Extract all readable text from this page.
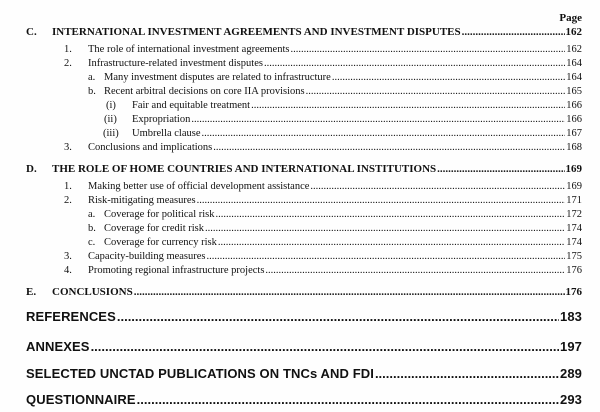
Page
C. INTERNATIONAL INVESTMENT AGREEMENTS AND INVESTMENT DISPUTES .....	162
1. The role of international investment agreements .....	162
2. Infrastructure-related investment disputes .....	164
a. Many investment disputes are related to infrastructure .....	164
b. Recent arbitral decisions on core IIA provisions .....	165
(i) Fair and equitable treatment .....	166
(ii) Expropriation .....	166
(iii) Umbrella clause .....	167
3. Conclusions and implications .....	168
D. THE ROLE OF HOME COUNTRIES AND INTERNATIONAL INSTITUTIONS .....	169
1. Making better use of official development assistance .....	169
2. Risk-mitigating measures .....	171
a. Coverage for political risk .....	172
b. Coverage for credit risk .....	174
c. Coverage for currency risk .....	174
3. Capacity-building measures .....	175
4. Promoting regional infrastructure projects .....	176
E. CONCLUSIONS .....	176
REFERENCES .....	183
ANNEXES .....	197
SELECTED UNCTAD PUBLICATIONS ON TNCs AND FDI .....	289
QUESTIONNAIRE .....	293
